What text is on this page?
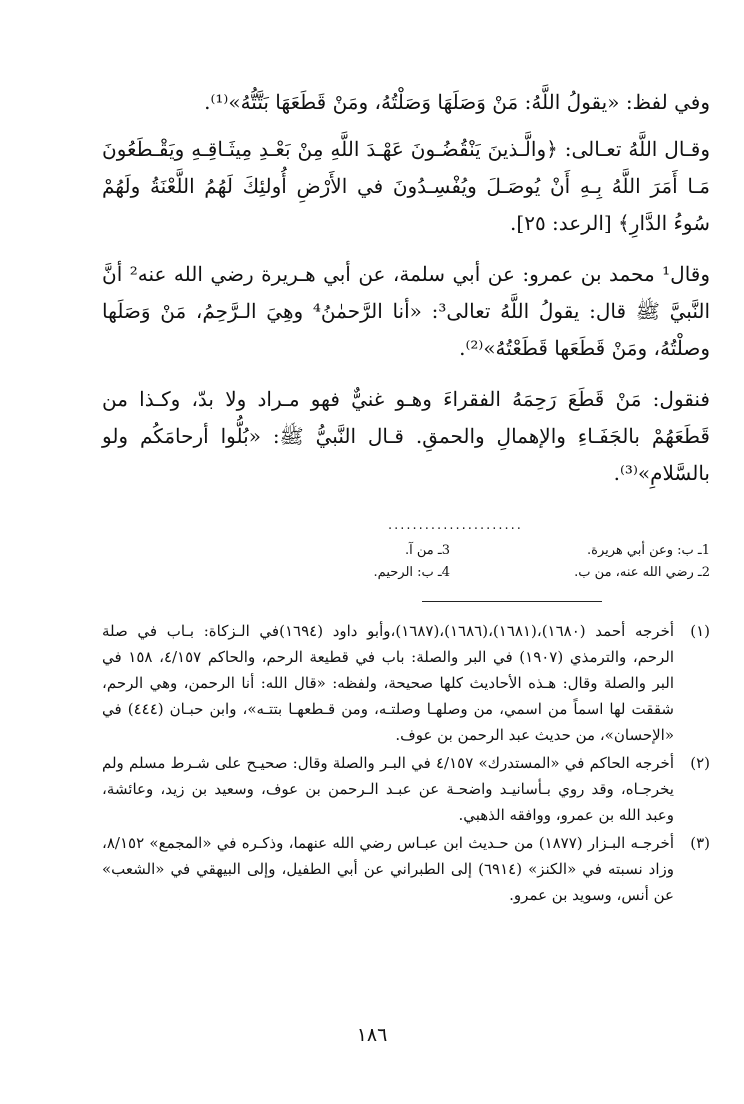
وفي لفظ: «يقولُ اللَّهُ: مَنْ وَصَلَهَا وَصَلْتُهُ، ومَنْ قَطَعَهَا بَتَّتُّهُ»⁽¹⁾.

وقـال اللَّهُ تعـالى: ﴿والَّـذينَ يَنْقُضُـونَ عَهْـدَ اللَّهِ مِنْ بَعْـدِ مِيثَـاقِـهِ ويَقْـطَعُونَ مَـا أَمَرَ اللَّهُ بِـهِ أَنْ يُوصَـلَ ويُفْسِـدُونَ في الأَرْضِ أُولئِكَ لَهُمُ اللَّعْنَةُ ولَهُمْ سُوءُ الدَّارِ﴾ [الرعد: ٢٥].

وقال¹ محمد بن عمرو: عن أبي سلمة، عن أبي هـريرة رضي الله عنه² أنَّ النَّبيَّ ﷺ قال: يقولُ اللَّهُ تعالى³: «أنا الرَّحمٰنُ⁴ وهِيَ الـرَّحِمُ، مَنْ وَصَلَها وصلْتُهُ، ومَنْ قَطَعَها قَطَعْتُهُ»⁽²⁾.

فنقول: مَنْ قَطَعَ رَحِمَهُ الفقراءَ وهـو غنيٌّ فهو مـراد ولا بدّ، وكـذا من قَطَعَهُمْ بالجَفَـاءِ والإهمالِ والحمقِ. قـال النَّبيُّ ﷺ: «بُلُّوا أرحامَكُم ولو بالسَّلامِ»⁽³⁾.

......................
1ـ ب: وعن أبي هريرة.
3ـ من آ.
2ـ رضي الله عنه، من ب.
4ـ ب: الرحيم.
(١)
أخرجه أحمد (١٦٨٠)،(١٦٨١)،(١٦٨٦)،(١٦٨٧)،وأبو داود (١٦٩٤)في الـزكاة: بـاب في صلة الرحم، والترمذي (١٩٠٧) في البر والصلة: باب في قطيعة الرحم، والحاكم ٤/١٥٧، ١٥٨ في البر والصلة وقال: هـذه الأحاديث كلها صحيحة، ولفظه: «قال الله: أنا الرحمن، وهي الرحم، شققت لها اسماً من اسمي، من وصلهـا وصلتـه، ومن قـطعهـا بتتـه»، وابن حبـان (٤٤٤) في «الإحسان»، من حديث عبد الرحمن بن عوف.
(٢)
أخرجه الحاكم في «المستدرك» ٤/١٥٧ في البـر والصلة وقال: صحيـح على شـرط مسلم ولم يخرجـاه، وقد روي بـأسانيـد واضحـة عن عبـد الـرحمن بن عوف، وسعيد بن زيد، وعائشة، وعبد الله بن عمرو، ووافقه الذهبي.
(٣)
أخرجـه البـزار (١٨٧٧) من حـديث ابن عبـاس رضي الله عنهما، وذكـره في «المجمع» ٨/١٥٢، وزاد نسبته في «الكنز» (٦٩١٤) إلى الطبراني عن أبي الطفيل، وإلى البيهقي في «الشعب» عن أنس، وسويد بن عمرو.
١٨٦
